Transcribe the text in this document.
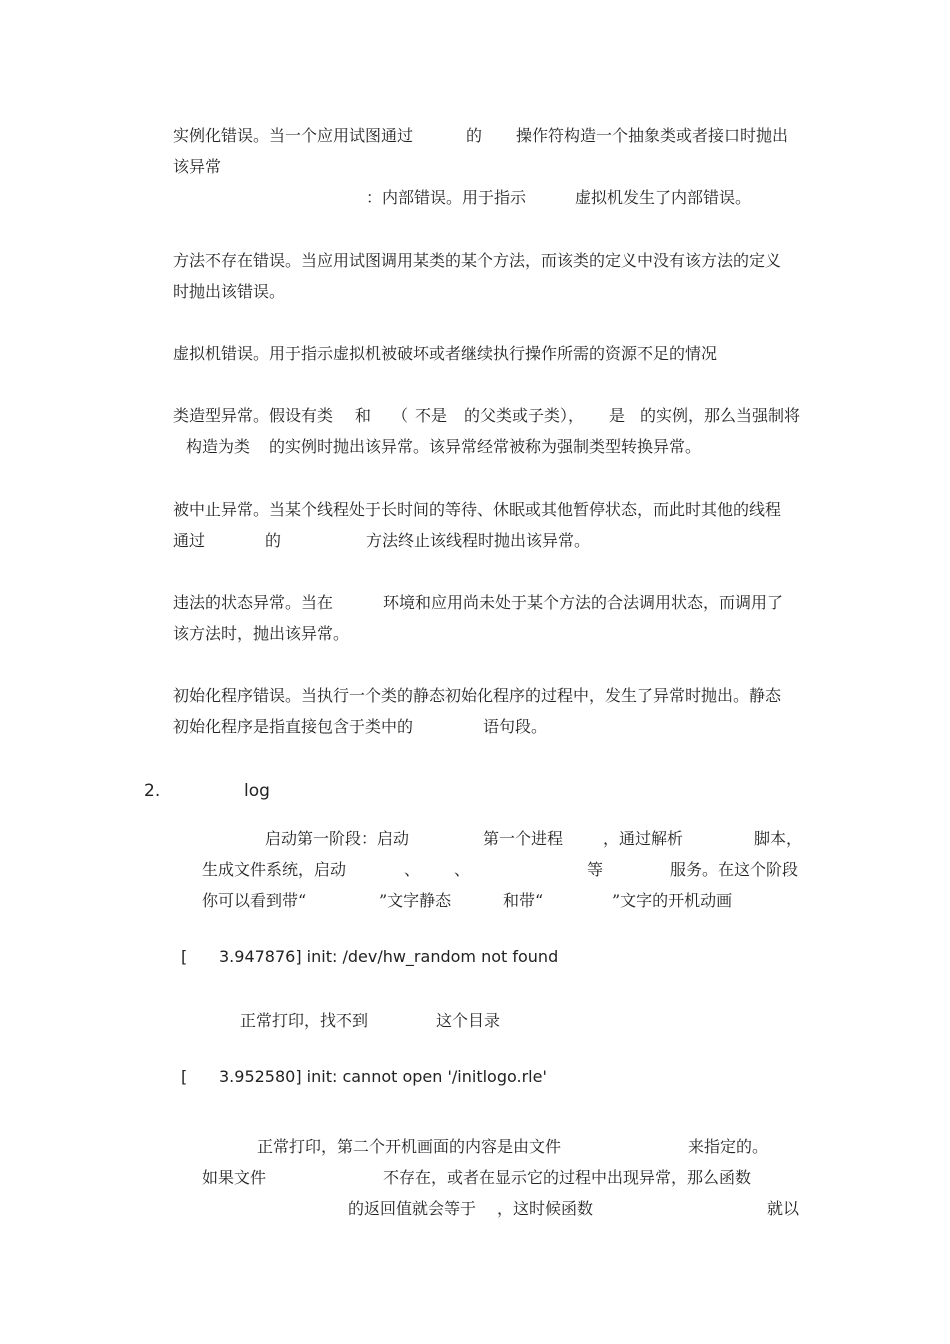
实例化错误。当一个应用试图通过	的 操作符构造一个抽象类或者接口时抛出
该异常
：内部错误。用于指示	虚拟机发生了内部错误。
方法不存在错误。当应用试图调用某类的某个方法，而该类的定义中没有该方法的定义
时抛出该错误。
虚拟机错误。用于指示虚拟机被破坏或者继续执行操作所需的资源不足的情况
类造型异常。假设有类 和 （ 不是 的父类或子类）， 是 的实例，那么当强制将
构造为类 的实例时抛出该异常。该异常经常被称为强制类型转换异常。
被中止异常。当某个线程处于长时间的等待、休眠或其他暂停状态，而此时其他的线程
通过	的	方法终止该线程时抛出该异常。
违法的状态异常。当在	环境和应用尚未处于某个方法的合法调用状态，而调用了
该方法时，抛出该异常。
初始化程序错误。当执行一个类的静态初始化程序的过程中，发生了异常时抛出。静态
初始化程序是指直接包含于类中的	语句段。
2.	log
启动第一阶段：启动	第一个进程 ，通过解析	脚本，
生成文件系统，启动	、 、	等	服务。在这个阶段
你可以看到带“	”文字静态	和带“	”文字的开机动画
[ 3.947876] init: /dev/hw_random not found
正常打印，找不到	这个目录
[ 3.952580] init: cannot open '/initlogo.rle'
正常打印，第二个开机画面的内容是由文件	来指定的。
如果文件	不存在，或者在显示它的过程中出现异常，那么函数
的返回值就会等于 ，这时候函数	就以
